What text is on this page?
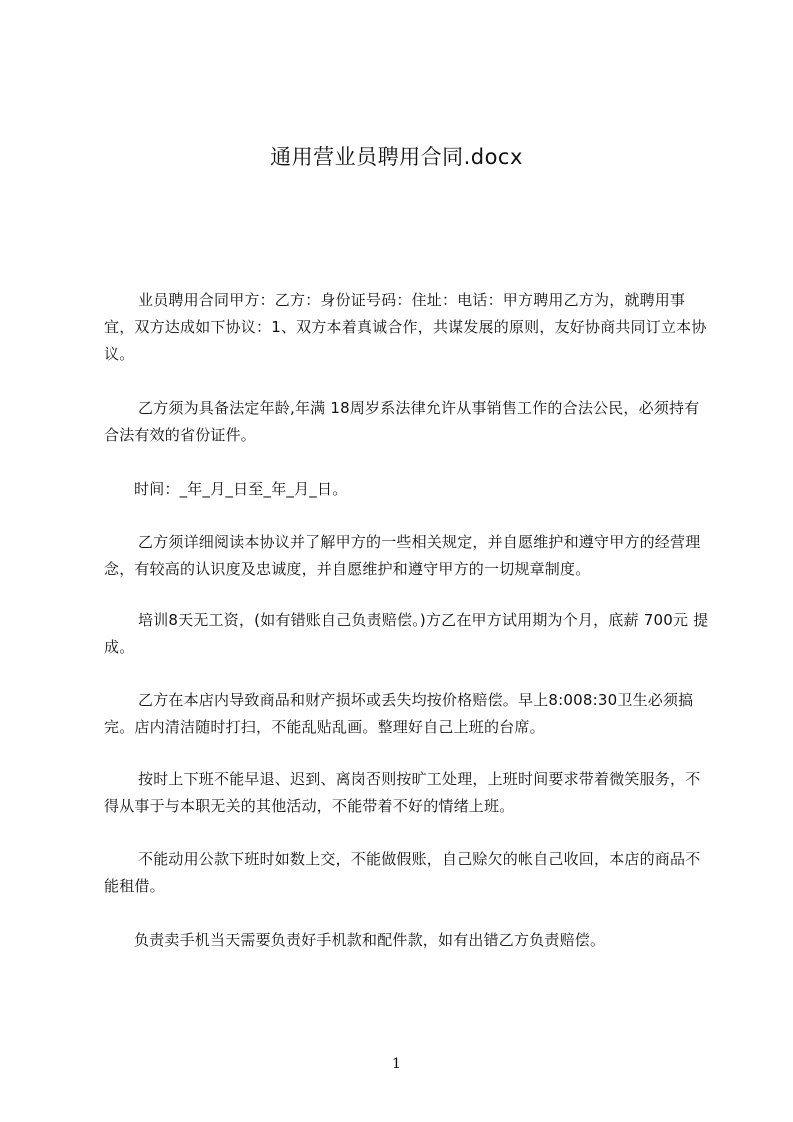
通用营业员聘用合同.docx

业员聘用合同甲方：乙方：身份证号码：住址：电话：甲方聘用乙方为，就聘用事宜，双方达成如下协议：1、双方本着真诚合作，共谋发展的原则，友好协商共同订立本协议。

乙方须为具备法定年龄,年满 18周岁系法律允许从事销售工作的合法公民，必须持有合法有效的省份证件。

时间：_年_月_日至_年_月_日。

乙方须详细阅读本协议并了解甲方的一些相关规定，并自愿维护和遵守甲方的经营理念，有较高的认识度及忠诚度，并自愿维护和遵守甲方的一切规章制度。

培训8天无工资，(如有错账自己负责赔偿。)方乙在甲方试用期为个月，底薪 700元 提成。

乙方在本店内导致商品和财产损坏或丢失均按价格赔偿。早上8:008:30卫生必须搞完。店内清洁随时打扫，不能乱贴乱画。整理好自己上班的台席。

按时上下班不能早退、迟到、离岗否则按旷工处理，上班时间要求带着微笑服务，不得从事于与本职无关的其他活动，不能带着不好的情绪上班。

不能动用公款下班时如数上交，不能做假账，自己赊欠的帐自己收回，本店的商品不能租借。

负责卖手机当天需要负责好手机款和配件款，如有出错乙方负责赔偿。

1
